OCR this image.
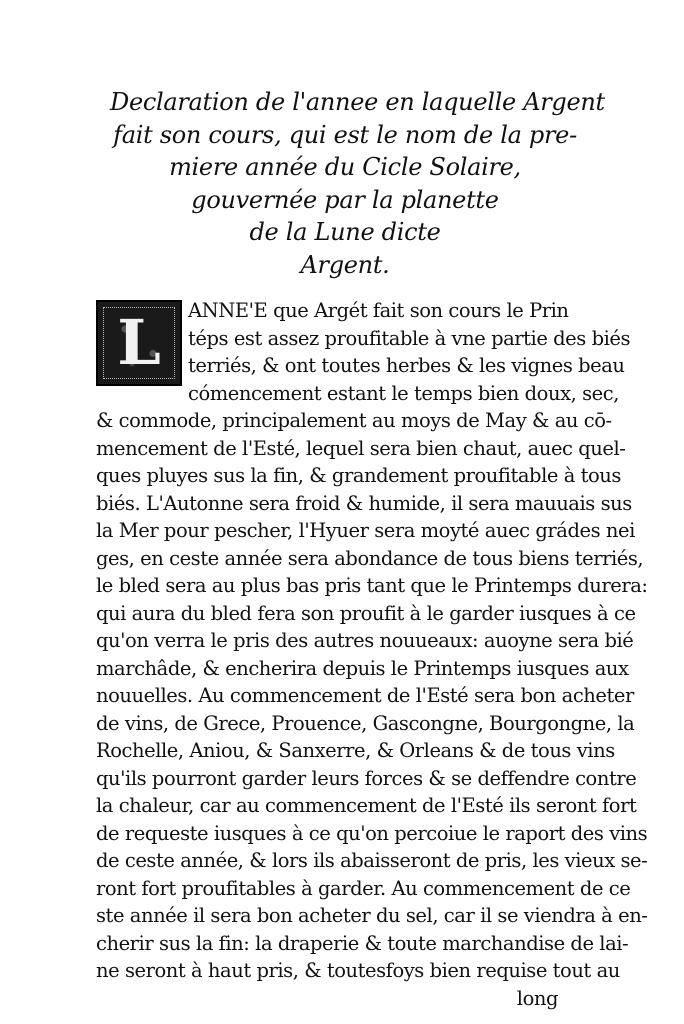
Declaration de l'annee en laquelle Argent
fait son cours, qui est le nom de la pre-
miere année du Cicle Solaire,
gouvernée par la planette
de la Lune dicte
Argent.
L	ANNE'E que Argét fait son cours le Prin
téps est assez proufitable à vne partie des biés
terriés, & ont toutes herbes & les vignes beau
cómencement estant le temps bien doux, sec,
& commode, principalement au moys de May & au cō-
mencement de l'Esté, lequel sera bien chaut, auec quel-
ques pluyes sus la fin, & grandement proufitable à tous
biés. L'Autonne sera froid & humide, il sera mauuais sus
la Mer pour pescher, l'Hyuer sera moyté auec grádes nei
ges, en ceste année sera abondance de tous biens terriés,
le bled sera au plus bas pris tant que le Printemps durera:
qui aura du bled fera son proufit à le garder iusques à ce
qu'on verra le pris des autres nouueaux: auoyne sera bié
marchâde, & encherira depuis le Printemps iusques aux
nouuelles. Au commencement de l'Esté sera bon acheter
de vins, de Grece, Prouence, Gascongne, Bourgongne, la
Rochelle, Aniou, & Sanxerre, & Orleans & de tous vins
qu'ils pourront garder leurs forces & se deffendre contre
la chaleur, car au commencement de l'Esté ils seront fort
de requeste iusques à ce qu'on percoiue le raport des vins
de ceste année, & lors ils abaisseront de pris, les vieux se-
ront fort proufitables à garder. Au commencement de ce
ste année il sera bon acheter du sel, car il se viendra à en-
cherir sus la fin: la draperie & toute marchandise de lai-
ne seront à haut pris, & toutesfoys bien requise tout au
long
